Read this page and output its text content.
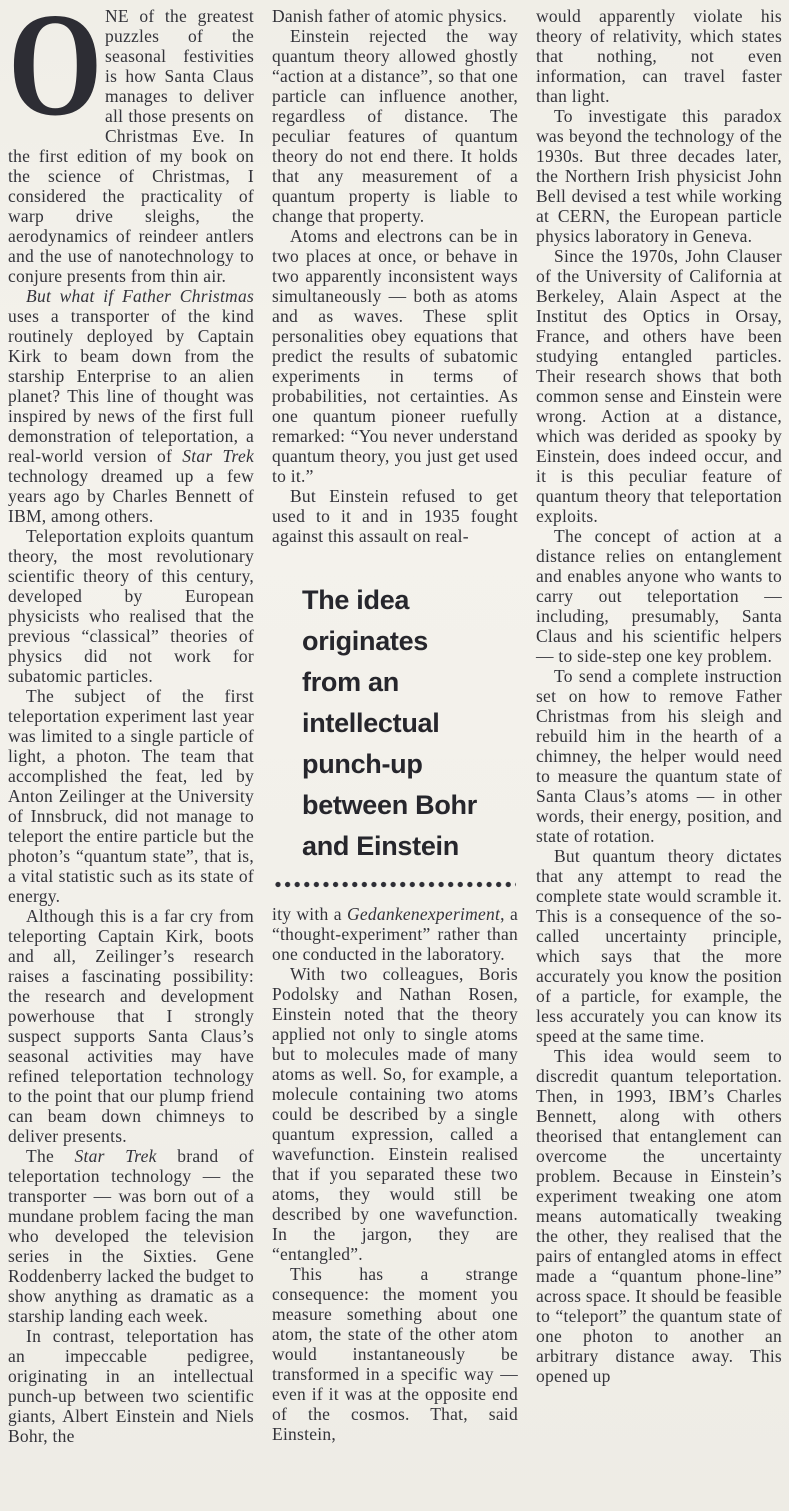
ONE of the greatest puzzles of the seasonal festivities is how Santa Claus manages to deliver all those presents on Christmas Eve. In the first edition of my book on the science of Christmas, I considered the practicality of warp drive sleighs, the aerodynamics of reindeer antlers and the use of nanotechnology to conjure presents from thin air.

But what if Father Christmas uses a transporter of the kind routinely deployed by Captain Kirk to beam down from the starship Enterprise to an alien planet? This line of thought was inspired by news of the first full demonstration of teleportation, a real-world version of Star Trek technology dreamed up a few years ago by Charles Bennett of IBM, among others.

Teleportation exploits quantum theory, the most revolutionary scientific theory of this century, developed by European physicists who realised that the previous “classical” theories of physics did not work for subatomic particles.

The subject of the first teleportation experiment last year was limited to a single particle of light, a photon. The team that accomplished the feat, led by Anton Zeilinger at the University of Innsbruck, did not manage to teleport the entire particle but the photon’s “quantum state”, that is, a vital statistic such as its state of energy.

Although this is a far cry from teleporting Captain Kirk, boots and all, Zeilinger’s research raises a fascinating possibility: the research and development powerhouse that I strongly suspect supports Santa Claus’s seasonal activities may have refined teleportation technology to the point that our plump friend can beam down chimneys to deliver presents.

The Star Trek brand of teleportation technology — the transporter — was born out of a mundane problem facing the man who developed the television series in the Sixties. Gene Roddenberry lacked the budget to show anything as dramatic as a starship landing each week.

In contrast, teleportation has an impeccable pedigree, originating in an intellectual punch-up between two scientific giants, Albert Einstein and Niels Bohr, the

Danish father of atomic physics.

Einstein rejected the way quantum theory allowed ghostly “action at a distance”, so that one particle can influence another, regardless of distance. The peculiar features of quantum theory do not end there. It holds that any measurement of a quantum property is liable to change that property.

Atoms and electrons can be in two places at once, or behave in two apparently inconsistent ways simultaneously — both as atoms and as waves. These split personalities obey equations that predict the results of subatomic experiments in terms of probabilities, not certainties. As one quantum pioneer ruefully remarked: “You never understand quantum theory, you just get used to it.”

But Einstein refused to get used to it and in 1935 fought against this assault on real-

The idea
originates
from an
intellectual
punch-up
between Bohr
and Einstein

ity with a Gedankenexperiment, a “thought-experiment” rather than one conducted in the laboratory.

With two colleagues, Boris Podolsky and Nathan Rosen, Einstein noted that the theory applied not only to single atoms but to molecules made of many atoms as well. So, for example, a molecule containing two atoms could be described by a single quantum expression, called a wavefunction. Einstein realised that if you separated these two atoms, they would still be described by one wavefunction. In the jargon, they are “entangled”.

This has a strange consequence: the moment you measure something about one atom, the state of the other atom would instantaneously be transformed in a specific way — even if it was at the opposite end of the cosmos. That, said Einstein,

would apparently violate his theory of relativity, which states that nothing, not even information, can travel faster than light.

To investigate this paradox was beyond the technology of the 1930s. But three decades later, the Northern Irish physicist John Bell devised a test while working at CERN, the European particle physics laboratory in Geneva.

Since the 1970s, John Clauser of the University of California at Berkeley, Alain Aspect at the Institut des Optics in Orsay, France, and others have been studying entangled particles. Their research shows that both common sense and Einstein were wrong. Action at a distance, which was derided as spooky by Einstein, does indeed occur, and it is this peculiar feature of quantum theory that teleportation exploits.

The concept of action at a distance relies on entanglement and enables anyone who wants to carry out teleportation — including, presumably, Santa Claus and his scientific helpers — to side-step one key problem.

To send a complete instruction set on how to remove Father Christmas from his sleigh and rebuild him in the hearth of a chimney, the helper would need to measure the quantum state of Santa Claus’s atoms — in other words, their energy, position, and state of rotation.

But quantum theory dictates that any attempt to read the complete state would scramble it. This is a consequence of the so-called uncertainty principle, which says that the more accurately you know the position of a particle, for example, the less accurately you can know its speed at the same time.

This idea would seem to discredit quantum teleportation. Then, in 1993, IBM’s Charles Bennett, along with others theorised that entanglement can overcome the uncertainty problem. Because in Einstein’s experiment tweaking one atom means automatically tweaking the other, they realised that the pairs of entangled atoms in effect made a “quantum phone-line” across space. It should be feasible to “teleport” the quantum state of one photon to another an arbitrary distance away. This opened up
